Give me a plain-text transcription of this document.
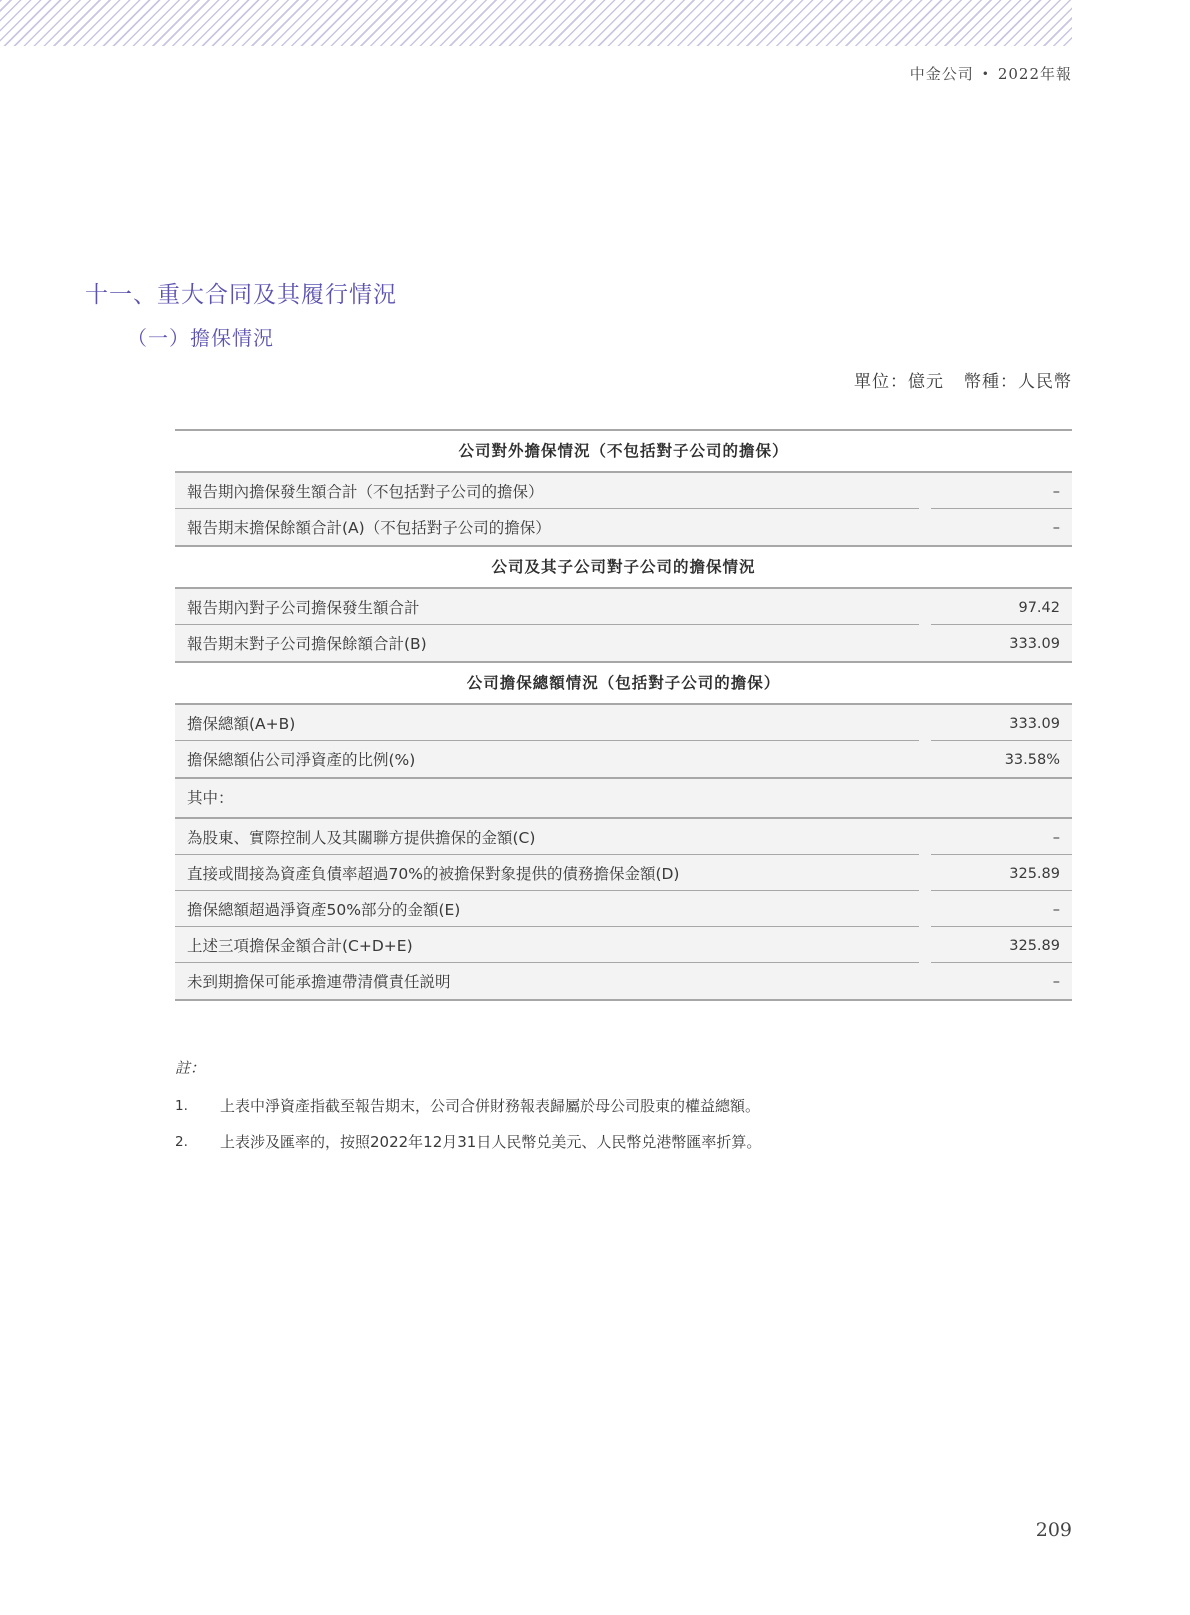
中金公司 • 2022年報
十一、重大合同及其履行情況
（一）擔保情況
單位：億元 幣種：人民幣
公司對外擔保情況（不包括對子公司的擔保）
報告期內擔保發生額合計（不包括對子公司的擔保）	–
報告期末擔保餘額合計(A)（不包括對子公司的擔保）	–
公司及其子公司對子公司的擔保情況
報告期內對子公司擔保發生額合計	97.42
報告期末對子公司擔保餘額合計(B)	333.09
公司擔保總額情況（包括對子公司的擔保）
擔保總額(A+B)	333.09
擔保總額佔公司淨資產的比例(%)	33.58%
其中：
為股東、實際控制人及其關聯方提供擔保的金額(C)	–
直接或間接為資產負債率超過70%的被擔保對象提供的債務擔保金額(D)	325.89
擔保總額超過淨資產50%部分的金額(E)	–
上述三項擔保金額合計(C+D+E)	325.89
未到期擔保可能承擔連帶清償責任説明	–
註：
1.	上表中淨資產指截至報告期末，公司合併財務報表歸屬於母公司股東的權益總額。
2.	上表涉及匯率的，按照2022年12月31日人民幣兑美元、人民幣兑港幣匯率折算。
209
